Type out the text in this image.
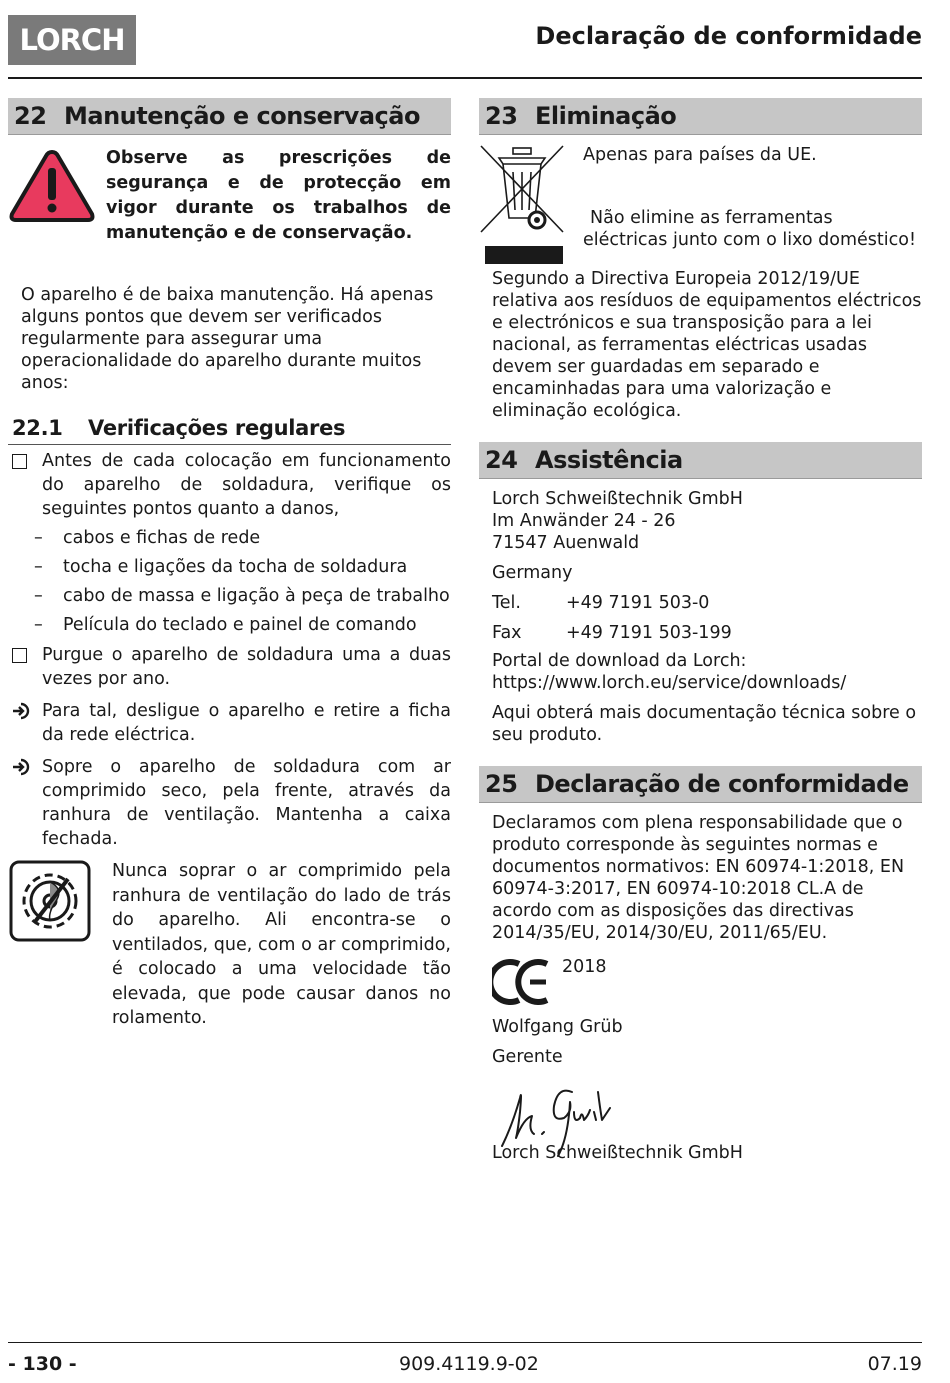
LORCH	Declaração de conformidade
22 Manutenção e conservação
Observe as prescrições de segurança e de protecção em vigor durante os trabalhos de manutenção e de conservação.
O aparelho é de baixa manutenção. Há apenas alguns pontos que devem ser verificados regularmente para assegurar uma operacionalidade do aparelho durante muitos anos:
22.1 Verificações regulares
Antes de cada colocação em funcionamento do aparelho de soldadura, verifique os seguintes pontos quanto a danos,
–	cabos e fichas de rede
–	tocha e ligações da tocha de soldadura
–	cabo de massa e ligação à peça de trabalho
–	Película do teclado e painel de comando
Purgue o aparelho de soldadura uma a duas vezes por ano.
Para tal, desligue o aparelho e retire a ficha da rede eléctrica.
Sopre o aparelho de soldadura com ar comprimido seco, pela frente, através da ranhura de ventilação. Mantenha a caixa fechada.
Nunca soprar o ar comprimido pela ranhura de ventilação do lado de trás do aparelho. Ali encontra-se o ventilados, que, com o ar comprimido, é colocado a uma velocidade tão elevada, que pode causar danos no rolamento.
23 Eliminação
Apenas para países da UE.
Não elimine as ferramentas eléctricas junto com o lixo doméstico!
Segundo a Directiva Europeia 2012/19/UE relativa aos resíduos de equipamentos eléctricos e electrónicos e sua transposição para a lei nacional, as ferramentas eléctricas usadas devem ser guardadas em separado e encaminhadas para uma valorização e eliminação ecológica.
24 Assistência
Lorch Schweißtechnik GmbH
Im Anwänder 24 - 26
71547 Auenwald
Germany
Tel.	+49 7191 503-0
Fax	+49 7191 503-199
Portal de download da Lorch:
https://www.lorch.eu/service/downloads/
Aqui obterá mais documentação técnica sobre o seu produto.
25 Declaração de conformidade
Declaramos com plena responsabilidade que o produto corresponde às seguintes normas e documentos normativos: EN 60974-1:2018, EN 60974-3:2017, EN 60974-10:2018 CL.A de acordo com as disposições das directivas 2014/35/EU, 2014/30/EU, 2011/65/EU.
2018
Wolfgang Grüb
Gerente
Lorch Schweißtechnik GmbH
- 130 -	909.4119.9-02	07.19
